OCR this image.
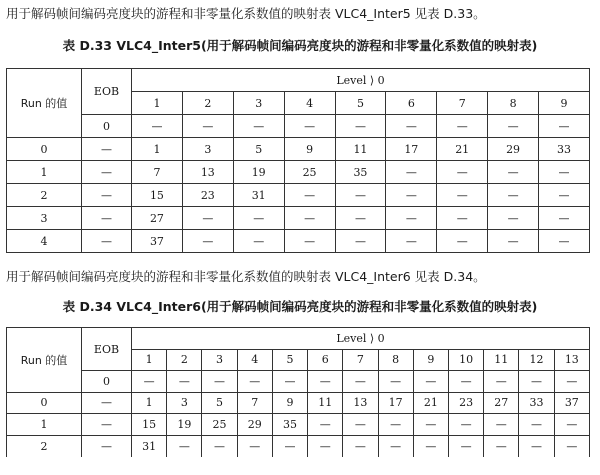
用于解码帧间编码亮度块的游程和非零量化系数值的映射表 VLC4_Inter5 见表 D.33。
表 D.33 VLC4_Inter5(用于解码帧间编码亮度块的游程和非零量化系数值的映射表)
Run 的值	EOB	Level ⟩ 0								
		1	2	3	4	5	6	7	8	9
	0	—	—	—	—	—	—	—	—	—
0	—	1	3	5	9	11	17	21	29	33
1	—	7	13	19	25	35	—	—	—	—
2	—	15	23	31	—	—	—	—	—	—
3	—	27	—	—	—	—	—	—	—	—
4	—	37	—	—	—	—	—	—	—	—
用于解码帧间编码亮度块的游程和非零量化系数值的映射表 VLC4_Inter6 见表 D.34。
表 D.34 VLC4_Inter6(用于解码帧间编码亮度块的游程和非零量化系数值的映射表)
Run 的值	EOB	Level ⟩ 0												
		1	2	3	4	5	6	7	8	9	10	11	12	13
	0	—	—	—	—	—	—	—	—	—	—	—	—	—
0	—	1	3	5	7	9	11	13	17	21	23	27	33	37
1	—	15	19	25	29	35	—	—	—	—	—	—	—	—
2	—	31	—	—	—	—	—	—	—	—	—	—	—	—
